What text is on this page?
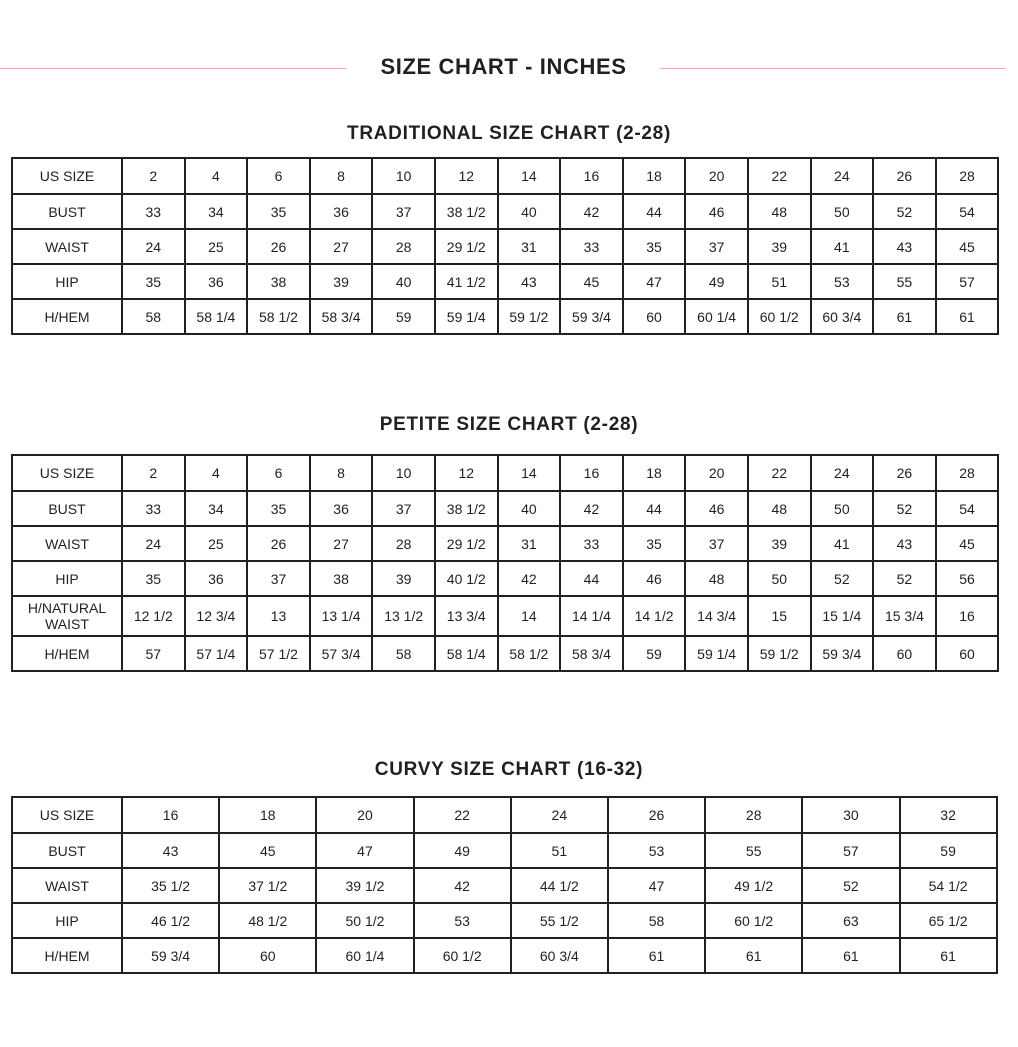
SIZE CHART - INCHES
TRADITIONAL SIZE CHART (2-28)
US SIZE	2	4	6	8	10	12	14	16	18	20	22	24	26	28
BUST	33	34	35	36	37	38 1/2	40	42	44	46	48	50	52	54
WAIST	24	25	26	27	28	29 1/2	31	33	35	37	39	41	43	45
HIP	35	36	38	39	40	41 1/2	43	45	47	49	51	53	55	57
H/HEM	58	58 1/4	58 1/2	58 3/4	59	59 1/4	59 1/2	59 3/4	60	60 1/4	60 1/2	60 3/4	61	61
PETITE SIZE CHART (2-28)
US SIZE	2	4	6	8	10	12	14	16	18	20	22	24	26	28
BUST	33	34	35	36	37	38 1/2	40	42	44	46	48	50	52	54
WAIST	24	25	26	27	28	29 1/2	31	33	35	37	39	41	43	45
HIP	35	36	37	38	39	40 1/2	42	44	46	48	50	52	52	56
H/NATURAL WAIST	12 1/2	12 3/4	13	13 1/4	13 1/2	13 3/4	14	14 1/4	14 1/2	14 3/4	15	15 1/4	15 3/4	16
H/HEM	57	57 1/4	57 1/2	57 3/4	58	58 1/4	58 1/2	58 3/4	59	59 1/4	59 1/2	59 3/4	60	60
CURVY SIZE CHART (16-32)
US SIZE	16	18	20	22	24	26	28	30	32
BUST	43	45	47	49	51	53	55	57	59
WAIST	35 1/2	37 1/2	39 1/2	42	44 1/2	47	49 1/2	52	54 1/2
HIP	46 1/2	48 1/2	50 1/2	53	55 1/2	58	60 1/2	63	65 1/2
H/HEM	59 3/4	60	60 1/4	60 1/2	60 3/4	61	61	61	61
